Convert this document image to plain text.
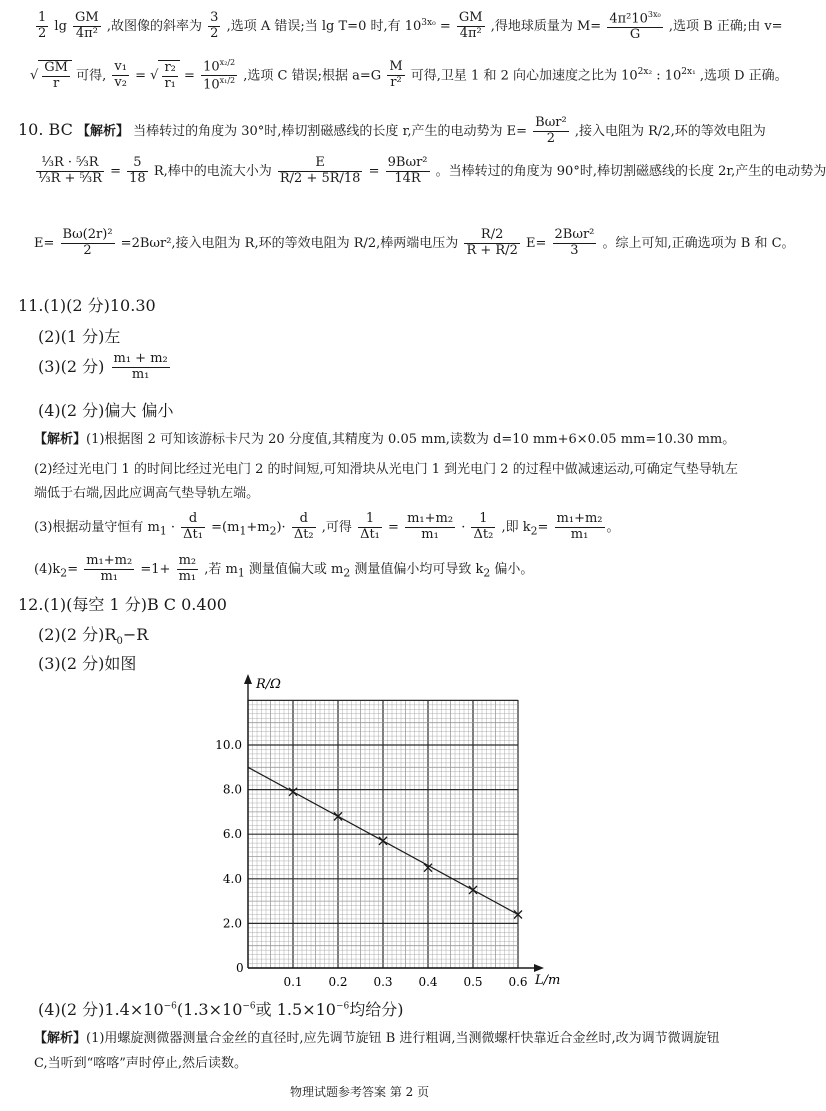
$\frac{1}{2}$ $\lg \frac{GM}{\text{4π²}}$ ,故图像的斜率为 $\frac{3}{2}$ ,选项 A 错误;当 lg T=0 时,有 $10^{3x_0} = \frac{GM}{\text{4π²}}$ ,得地球质量为 $M= \frac{4\pi^210^{3x_0}}{G}$ ,选项 B 正确;由 v=
√ $\frac{GM}{r}$ 可得, $\frac{\text{v₁}}{\text{v₂}}$ = √ $\frac{\text{r₂}}{\text{r₁}} = \frac{10^{x_2/2}}{10^{x_1/2}}$ ,选项 C 错误;根据 $a=G \frac{M}{\text{r²}}$ 可得,卫星 1 和 2 向心加速度之比为 $10^{2x_2}$ : $10^{2x_1}$ ,选项 D 正确。
10. BC 【解析】 当棒转过的角度为 30°时,棒切割磁感线的长度 r,产生的电动势为 $E= \frac{\text{Bωr²}}{2}$ ,接入电阻为 R/2,环的等效电阻为
$\frac{\text{⅓R · ⁵⁄₃R}}{\text{⅓R + ⁵⁄₃R}} = \frac{5}{18} R$,棒中的电流大小为 $\frac{E}{R/2 + 5R/18} = \frac{\text{9Bωr²}}{14R}$ 。当棒转过的角度为 90°时,棒切割磁感线的长度 2r,产生的电动势为
$E= \frac{\text{Bω(2r)²}}{2} =2B\omega r^2$,接入电阻为 R,环的等效电阻为 R/2,棒两端电压为 $\frac{R/2}{R + R/2} E= \frac{\text{2Bωr²}}{3}$ 。综上可知,正确选项为 B 和 C。
11.(1)(2 分)10.30
(2)(1 分)左
(3)(2 分) $\frac{\text{m₁ + m₂}}{\text{m₁}}$
(4)(2 分)偏大 偏小
【解析】(1)根据图 2 可知该游标卡尺为 20 分度值,其精度为 0.05 mm,读数为 d=10 mm+6×0.05 mm=10.30 mm。
(2)经过光电门 1 的时间比经过光电门 2 的时间短,可知滑块从光电门 1 到光电门 2 的过程中做减速运动,可确定气垫导轨左
端低于右端,因此应调高气垫导轨左端。
(3)根据动量守恒有 $m_1 \cdot \frac{d}{\text{Δt₁}} =(m_1+m_2)\cdot \frac{d}{\text{Δt₂}}$ ,可得 $\frac{1}{\text{Δt₁}} = \frac{\text{m₁+m₂}}{\text{m₁}} \cdot \frac{1}{\text{Δt₂}}$ ,即 $k_2= \frac{\text{m₁+m₂}}{\text{m₁}}$ 。
$(4)k_2= \frac{\text{m₁+m₂}}{\text{m₁}} =1+ \frac{\text{m₂}}{\text{m₁}}$ ,若 $m_1$ 测量值偏大或 $m_2$ 测量值偏小均可导致 $k_2$ 偏小。
12.(1)(每空 1 分)B C 0.400
(2)(2 分)$R_0-R$
(3)(2 分)如图
R/Ω
L/m
0
0.1 0.2 0.3 0.4 0.5 0.6
2.0
4.0
6.0
8.0
10.0
(4)(2 分)$1.4\times 10^{-6}(1.3\times 10^{-6}$或 $1.5\times 10^{-6}$均给分)
【解析】(1)用螺旋测微器测量合金丝的直径时,应先调节旋钮 B 进行粗调,当测微螺杆快靠近合金丝时,改为调节微调旋钮
C,当听到“喀喀”声时停止,然后读数。
物理试题参考答案 第 2 页
